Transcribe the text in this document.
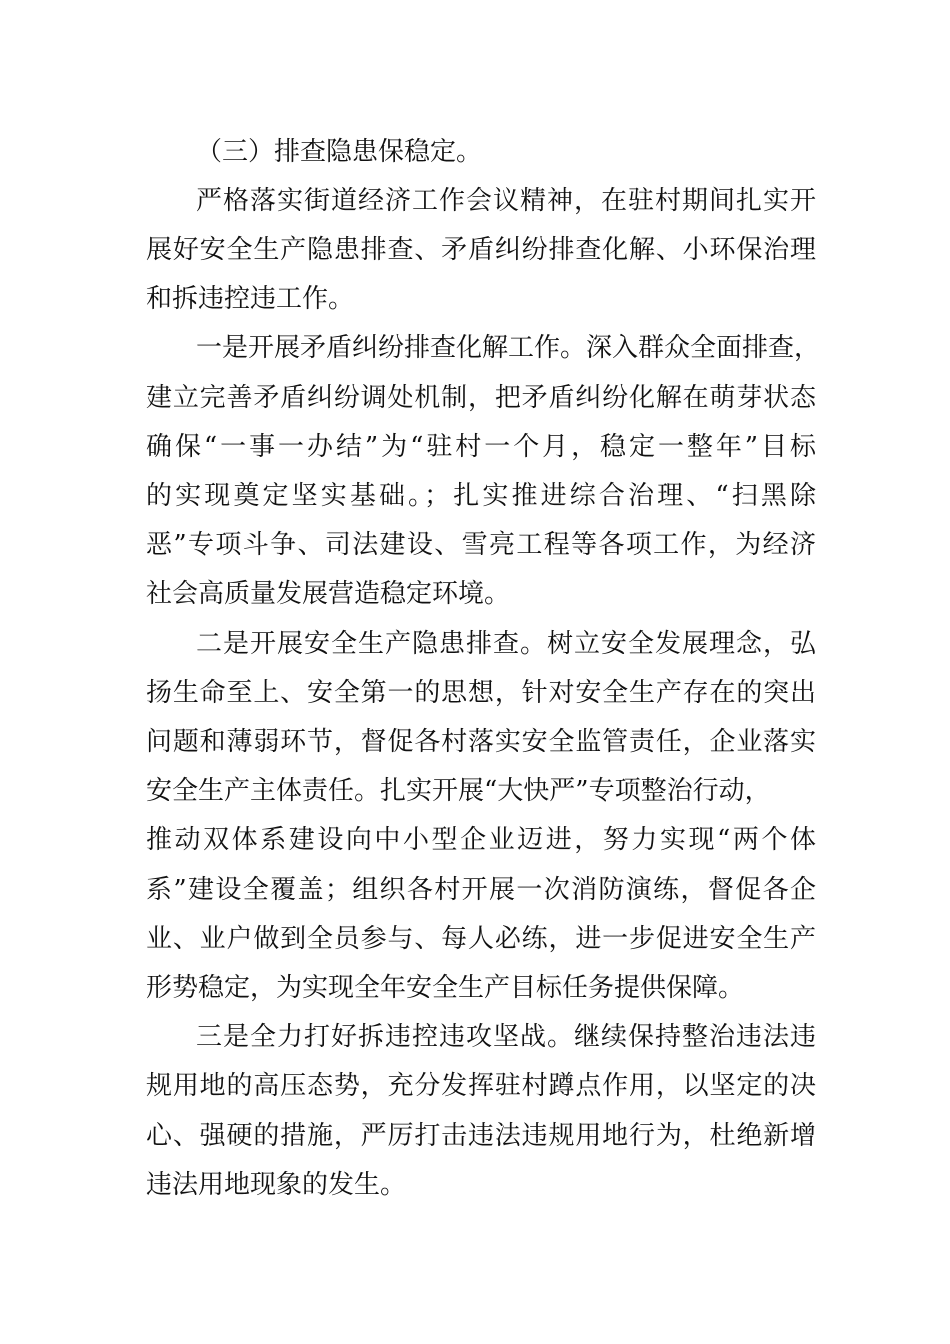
（三）排查隐患保稳定。
严格落实街道经济工作会议精神，在驻村期间扎实开
展好安全生产隐患排查、矛盾纠纷排查化解、小环保治理
和拆违控违工作。
一是开展矛盾纠纷排查化解工作。深入群众全面排查，
建立完善矛盾纠纷调处机制，把矛盾纠纷化解在萌芽状态
确保“一事一办结”为“驻村一个月，稳定一整年”目标
的实现奠定坚实基础。；扎实推进综合治理、“扫黑除
恶”专项斗争、司法建设、雪亮工程等各项工作，为经济
社会高质量发展营造稳定环境。
二是开展安全生产隐患排查。树立安全发展理念，弘
扬生命至上、安全第一的思想，针对安全生产存在的突出
问题和薄弱环节，督促各村落实安全监管责任，企业落实
安全生产主体责任。扎实开展“大快严”专项整治行动，
推动双体系建设向中小型企业迈进，努力实现“两个体
系”建设全覆盖；组织各村开展一次消防演练，督促各企
业、业户做到全员参与、每人必练，进一步促进安全生产
形势稳定，为实现全年安全生产目标任务提供保障。
三是全力打好拆违控违攻坚战。继续保持整治违法违
规用地的高压态势，充分发挥驻村蹲点作用，以坚定的决
心、强硬的措施，严厉打击违法违规用地行为，杜绝新增
违法用地现象的发生。
